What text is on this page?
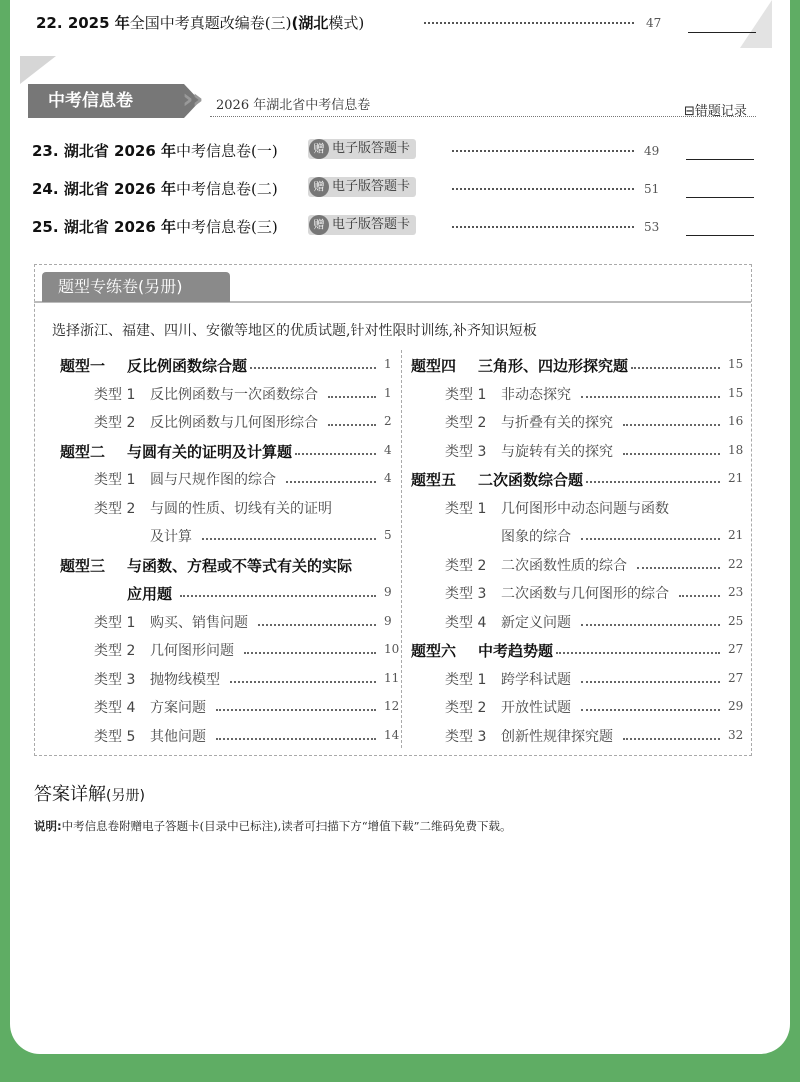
22. 2025 年全国中考真题改编卷(三)(湖北模式)	47
中考信息卷	›
› 2026 年湖北省中考信息卷	⊟错题记录
23. 湖北省 2026 年中考信息卷(一)	赠 电子版答题卡	49
24. 湖北省 2026 年中考信息卷(二)	赠 电子版答题卡	51
25. 湖北省 2026 年中考信息卷(三)	赠 电子版答题卡	53
题型专练卷(另册)
选择浙江、福建、四川、安徽等地区的优质试题,针对性限时训练,补齐知识短板
题型一 反比例函数综合题	1
类型 1 反比例函数与一次函数综合	1
类型 2 反比例函数与几何图形综合	2
题型二 与圆有关的证明及计算题	4
类型 1 圆与尺规作图的综合	4
类型 2 与圆的性质、切线有关的证明
及计算	5
题型三 与函数、方程或不等式有关的实际
应用题	9
类型 1 购买、销售问题	9
类型 2 几何图形问题	10
类型 3 抛物线模型	11
类型 4 方案问题	12
类型 5 其他问题	14
题型四 三角形、四边形探究题	15
类型 1 非动态探究	15
类型 2 与折叠有关的探究	16
类型 3 与旋转有关的探究	18
题型五 二次函数综合题	21
类型 1 几何图形中动态问题与函数
图象的综合	21
类型 2 二次函数性质的综合	22
类型 3 二次函数与几何图形的综合	23
类型 4 新定义问题	25
题型六 中考趋势题	27
类型 1 跨学科试题	27
类型 2 开放性试题	29
类型 3 创新性规律探究题	32
答案详解(另册)
说明:中考信息卷附赠电子答题卡(目录中已标注),读者可扫描下方“增值下载”二维码免费下载。
